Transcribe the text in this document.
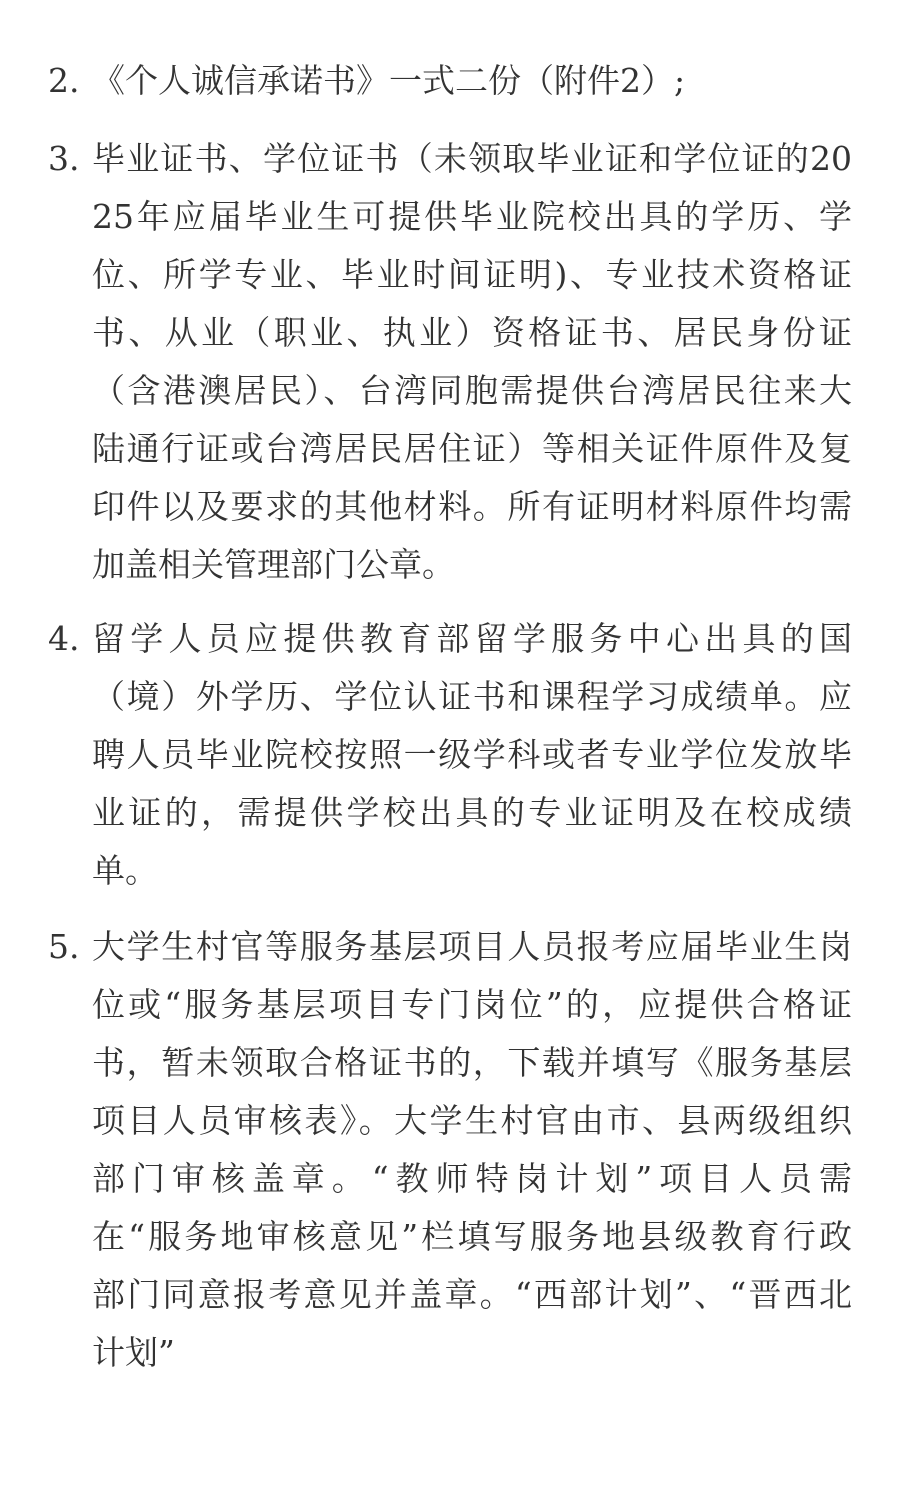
2. 《个人诚信承诺书》一式二份（附件2）;
3. 毕业证书、学位证书（未领取毕业证和学位证的20
25年应届毕业生可提供毕业院校出具的学历、学
位、所学专业、毕业时间证明)、专业技术资格证
书、从业（职业、执业）资格证书、居民身份证
（含港澳居民）、台湾同胞需提供台湾居民往来大
陆通行证或台湾居民居住证）等相关证件原件及复
印件以及要求的其他材料。所有证明材料原件均需
加盖相关管理部门公章。
4. 留学人员应提供教育部留学服务中心出具的国
（境）外学历、学位认证书和课程学习成绩单。应
聘人员毕业院校按照一级学科或者专业学位发放毕
业证的，需提供学校出具的专业证明及在校成绩
单。
5. 大学生村官等服务基层项目人员报考应届毕业生岗
位或“服务基层项目专门岗位”的，应提供合格证
书，暂未领取合格证书的，下载并填写《服务基层
项目人员审核表》。大学生村官由市、县两级组织
部门审核盖章。“教师特岗计划”项目人员需
在“服务地审核意见”栏填写服务地县级教育行政
部门同意报考意见并盖章。“西部计划”、“晋西北
计划”
